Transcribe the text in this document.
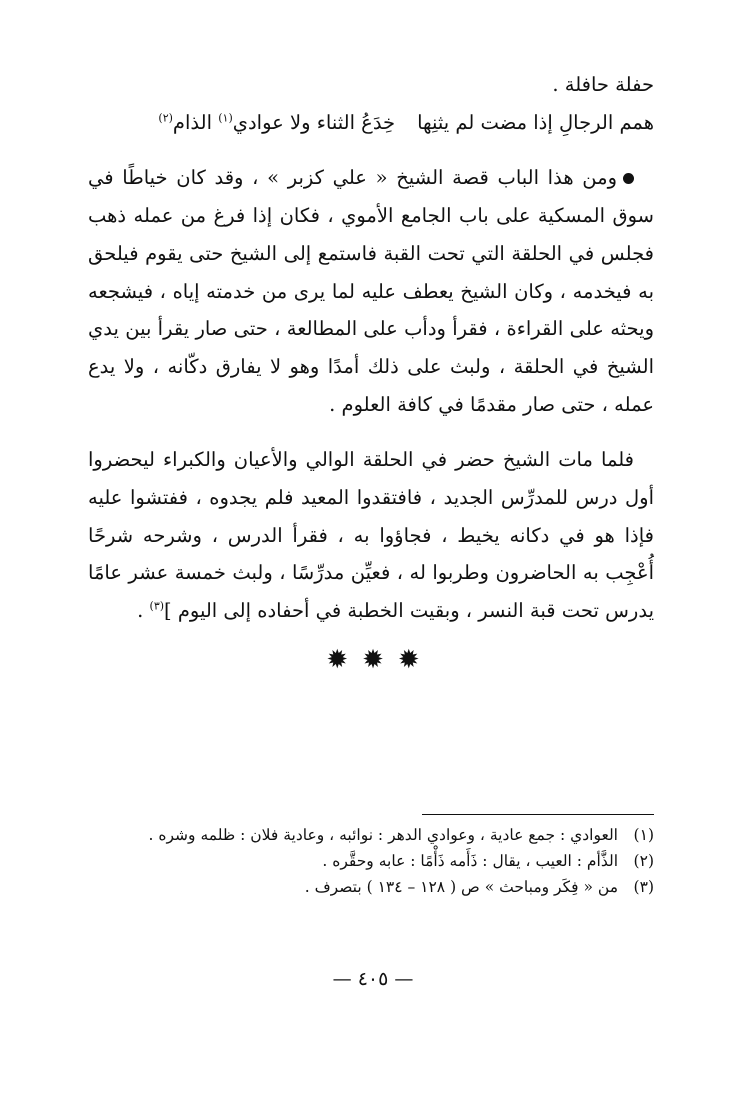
حفلة حافلة .

همم الرجالِ إذا مضت لم يثنِها
خِدَعُ الثناء ولا عوادي$^{(١)}$ الذام$^{(٢)}$

ومن هذا الباب قصة الشيخ « علي كزبر » ، وقد كان خياطًا في سوق المسكية على باب الجامع الأموي ، فكان إذا فرغ من عمله ذهب فجلس في الحلقة التي تحت القبة فاستمع إلى الشيخ حتى يقوم فيلحق به فيخدمه ، وكان الشيخ يعطف عليه لما يرى من خدمته إياه ، فيشجعه ويحثه على القراءة ، فقرأ ودأب على المطالعة ، حتى صار يقرأ بين يدي الشيخ في الحلقة ، ولبث على ذلك أمدًا وهو لا يفارق دكّانه ، ولا يدع عمله ، حتى صار مقدمًا في كافة العلوم .

فلما مات الشيخ حضر في الحلقة الوالي والأعيان والكبراء ليحضروا أول درس للمدرِّس الجديد ، فافتقدوا المعيد فلم يجدوه ، ففتشوا عليه فإذا هو في دكانه يخيط ، فجاؤوا به ، فقرأ الدرس ، وشرحه شرحًا أُعْجِب به الحاضرون وطربوا له ، فعيِّن مدرِّسًا ، ولبث خمسة عشر عامًا يدرس تحت قبة النسر ، وبقيت الخطبة في أحفاده إلى اليوم ]$^{(٣)}$ .

✹
✹
✹
(١)
العوادي : جمع عادية ، وعوادي الدهر : نوائبه ، وعادية فلان : ظلمه وشره .
(٢)
الذَّأم : العيب ، يقال : ذَأَمه ذَأْمًا : عابه وحقَّره .
(٣)
من « فِكَر ومباحث » ص ( ١٢٨ – ١٣٤ ) بتصرف .
— ٤٠٥ —
